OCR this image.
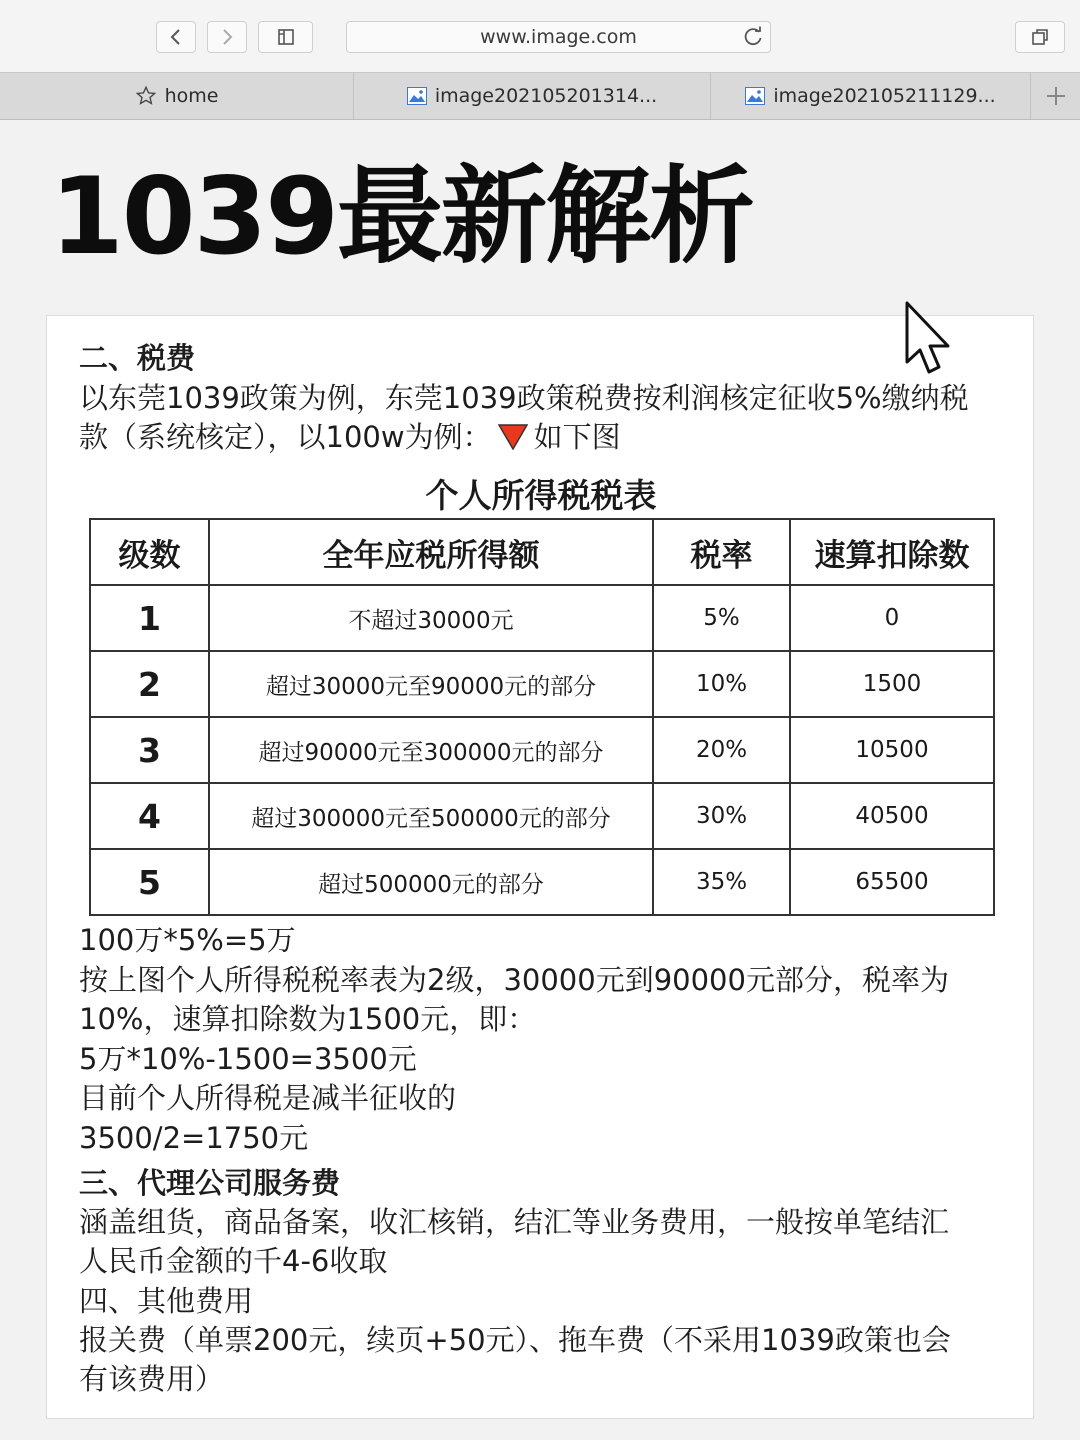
www.image.com
home	image202105201314...	image202105211129...
1039最新解析
二、税费
以东莞1039政策为例，东莞1039政策税费按利润核定征收5%缴纳税
款（系统核定），以100w为例： 如下图
个人所得税税表
级数	全年应税所得额	税率	速算扣除数
1	不超过30000元	5%	0
2	超过30000元至90000元的部分	10%	1500
3	超过90000元至300000元的部分	20%	10500
4	超过300000元至500000元的部分	30%	40500
5	超过500000元的部分	35%	65500
100万*5%=5万
按上图个人所得税税率表为2级，30000元到90000元部分，税率为
10%，速算扣除数为1500元，即：
5万*10%-1500=3500元
目前个人所得税是减半征收的
3500/2=1750元
三、代理公司服务费
涵盖组货，商品备案，收汇核销，结汇等业务费用，一般按单笔结汇
人民币金额的千4-6收取
四、其他费用
报关费（单票200元，续页+50元）、拖车费（不采用1039政策也会
有该费用）
